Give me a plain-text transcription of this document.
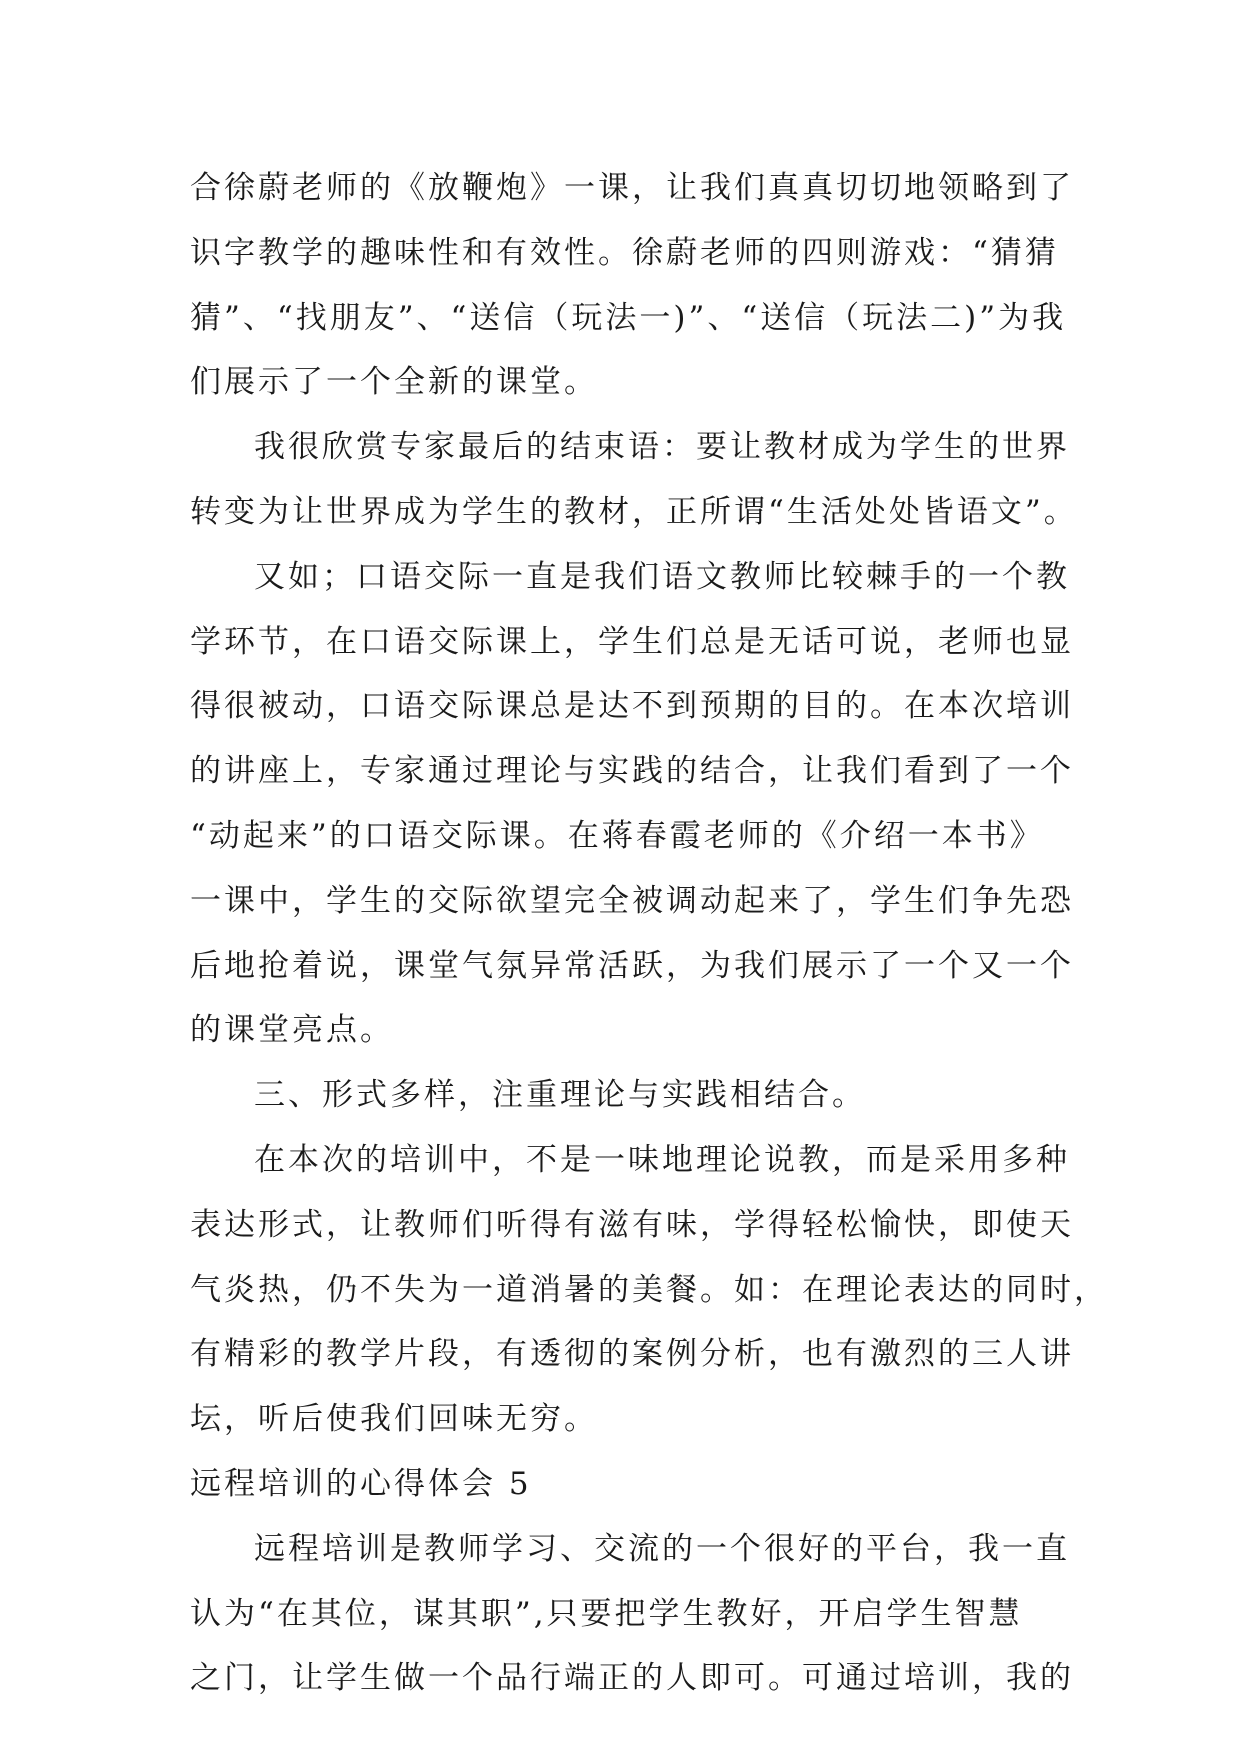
合徐蔚老师的《放鞭炮》一课，让我们真真切切地领略到了
识字教学的趣味性和有效性。徐蔚老师的四则游戏：“猜猜
猜”、“找朋友”、“送信（玩法一)”、“送信（玩法二)”为我
们展示了一个全新的课堂。
我很欣赏专家最后的结束语：要让教材成为学生的世界
转变为让世界成为学生的教材，正所谓“生活处处皆语文”。
又如；口语交际一直是我们语文教师比较棘手的一个教
学环节，在口语交际课上，学生们总是无话可说，老师也显
得很被动，口语交际课总是达不到预期的目的。在本次培训
的讲座上，专家通过理论与实践的结合，让我们看到了一个
“动起来”的口语交际课。在蒋春霞老师的《介绍一本书》
一课中，学生的交际欲望完全被调动起来了，学生们争先恐
后地抢着说，课堂气氛异常活跃，为我们展示了一个又一个
的课堂亮点。
三、形式多样，注重理论与实践相结合。
在本次的培训中，不是一味地理论说教，而是采用多种
表达形式，让教师们听得有滋有味，学得轻松愉快，即使天
气炎热，仍不失为一道消暑的美餐。如：在理论表达的同时，
有精彩的教学片段，有透彻的案例分析，也有激烈的三人讲
坛，听后使我们回味无穷。
远程培训的心得体会 5
远程培训是教师学习、交流的一个很好的平台，我一直
认为“在其位，谋其职”,只要把学生教好，开启学生智慧
之门，让学生做一个品行端正的人即可。可通过培训，我的
